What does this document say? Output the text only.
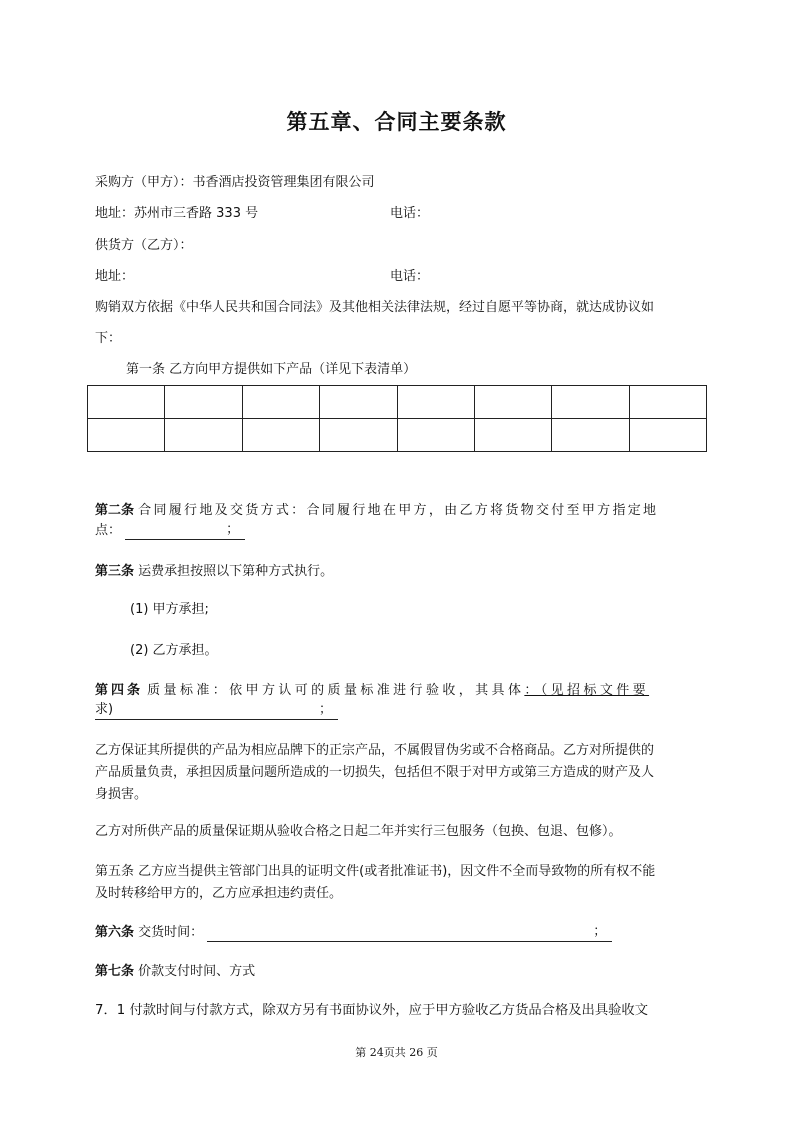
第五章、合同主要条款
采购方（甲方）：书香酒店投资管理集团有限公司
地址：苏州市三香路 333 号	电话：
供货方（乙方）：
地址：	电话：
购销双方依据《中华人民共和国合同法》及其他相关法律法规，经过自愿平等协商，就达成协议如
下：
第一条 乙方向甲方提供如下产品（详见下表清单）

第二条 合同履行地及交货方式：合同履行地在甲方，由乙方将货物交付至甲方指定地
点：	；
第三条 运费承担按照以下第种方式执行。
(1) 甲方承担;
(2) 乙方承担。
第四条 质量标准：依甲方认可的质量标准进行验收，其具体：（见招标文件要
求)	；
乙方保证其所提供的产品为相应品牌下的正宗产品，不属假冒伪劣或不合格商品。乙方对所提供的
产品质量负责，承担因质量问题所造成的一切损失，包括但不限于对甲方或第三方造成的财产及人
身损害。
乙方对所供产品的质量保证期从验收合格之日起二年并实行三包服务（包换、包退、包修）。
第五条 乙方应当提供主管部门出具的证明文件(或者批准证书)，因文件不全而导致物的所有权不能
及时转移给甲方的，乙方应承担违约责任。
第六条 交货时间：	；
第七条 价款支付时间、方式
7．1 付款时间与付款方式，除双方另有书面协议外，应于甲方验收乙方货品合格及出具验收文
第 24页共 26 页
